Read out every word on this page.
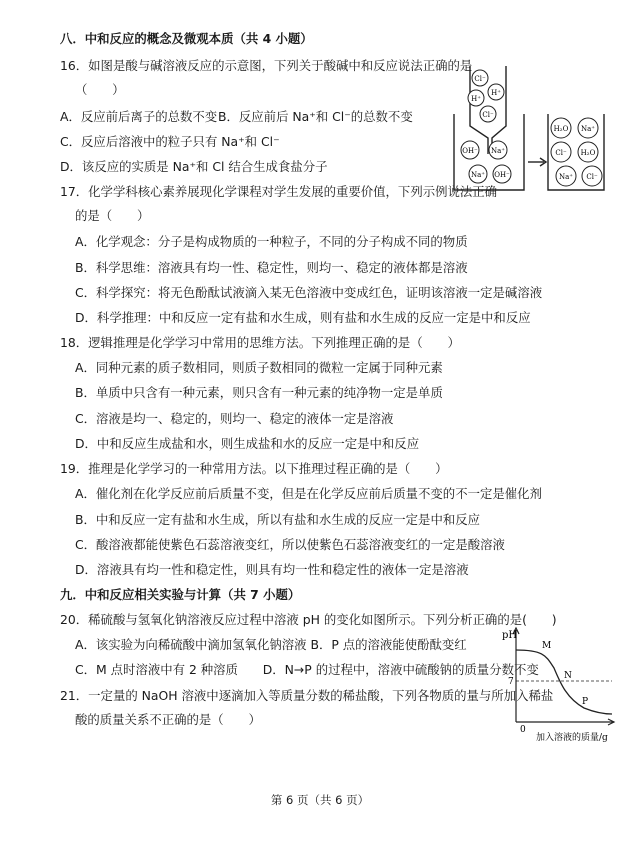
八．中和反应的概念及微观本质（共 4 小题）
16．如图是酸与碱溶液反应的示意图，下列关于酸碱中和反应说法正确的是
（　　）
A．反应前后离子的总数不变 B．反应前后 Na⁺和 Cl⁻的总数不变
C．反应后溶液中的粒子只有 Na⁺和 Cl⁻
D．该反应的实质是 Na⁺和 Cl 结合生成食盐分子
17．化学学科核心素养展现化学课程对学生发展的重要价值，下列示例说法正确
的是（　　）
A．化学观念：分子是构成物质的一种粒子，不同的分子构成不同的物质
B．科学思维：溶液具有均一性、稳定性，则均一、稳定的液体都是溶液
C．科学探究：将无色酚酞试液滴入某无色溶液中变成红色，证明该溶液一定是碱溶液
D．科学推理：中和反应一定有盐和水生成，则有盐和水生成的反应一定是中和反应
18．逻辑推理是化学学习中常用的思维方法。下列推理正确的是（　　）
A．同种元素的质子数相同，则质子数相同的微粒一定属于同种元素
B．单质中只含有一种元素，则只含有一种元素的纯净物一定是单质
C．溶液是均一、稳定的，则均一、稳定的液体一定是溶液
D．中和反应生成盐和水，则生成盐和水的反应一定是中和反应
19．推理是化学学习的一种常用方法。以下推理过程正确的是（　　）
A．催化剂在化学反应前后质量不变，但是在化学反应前后质量不变的不一定是催化剂
B．中和反应一定有盐和水生成，所以有盐和水生成的反应一定是中和反应
C．酸溶液都能使紫色石蕊溶液变红，所以使紫色石蕊溶液变红的一定是酸溶液
D．溶液具有均一性和稳定性，则具有均一性和稳定性的液体一定是溶液
九．中和反应相关实验与计算（共 7 小题）
20．稀硫酸与氢氧化钠溶液反应过程中溶液 pH 的变化如图所示。下列分析正确的是(　　)
A．该实验为向稀硫酸中滴加氢氧化钠溶液 B．P 点的溶液能使酚酞变红
C．M 点时溶液中有 2 种溶质　　D．N→P 的过程中，溶液中硫酸钠的质量分数不变
21．一定量的 NaOH 溶液中逐滴加入等质量分数的稀盐酸，下列各物质的量与所加入稀盐
酸的质量关系不正确的是（　　）
Cl⁻
H⁺
H⁺
Cl⁻
OH⁻ Na⁺
Na⁺ OH⁻
H₂O Na⁺
Cl⁻ H₂O
Na⁺ Cl⁻
pH
7
M
N
P
0
加入溶液的质量/g
第 6 页（共 6 页）
